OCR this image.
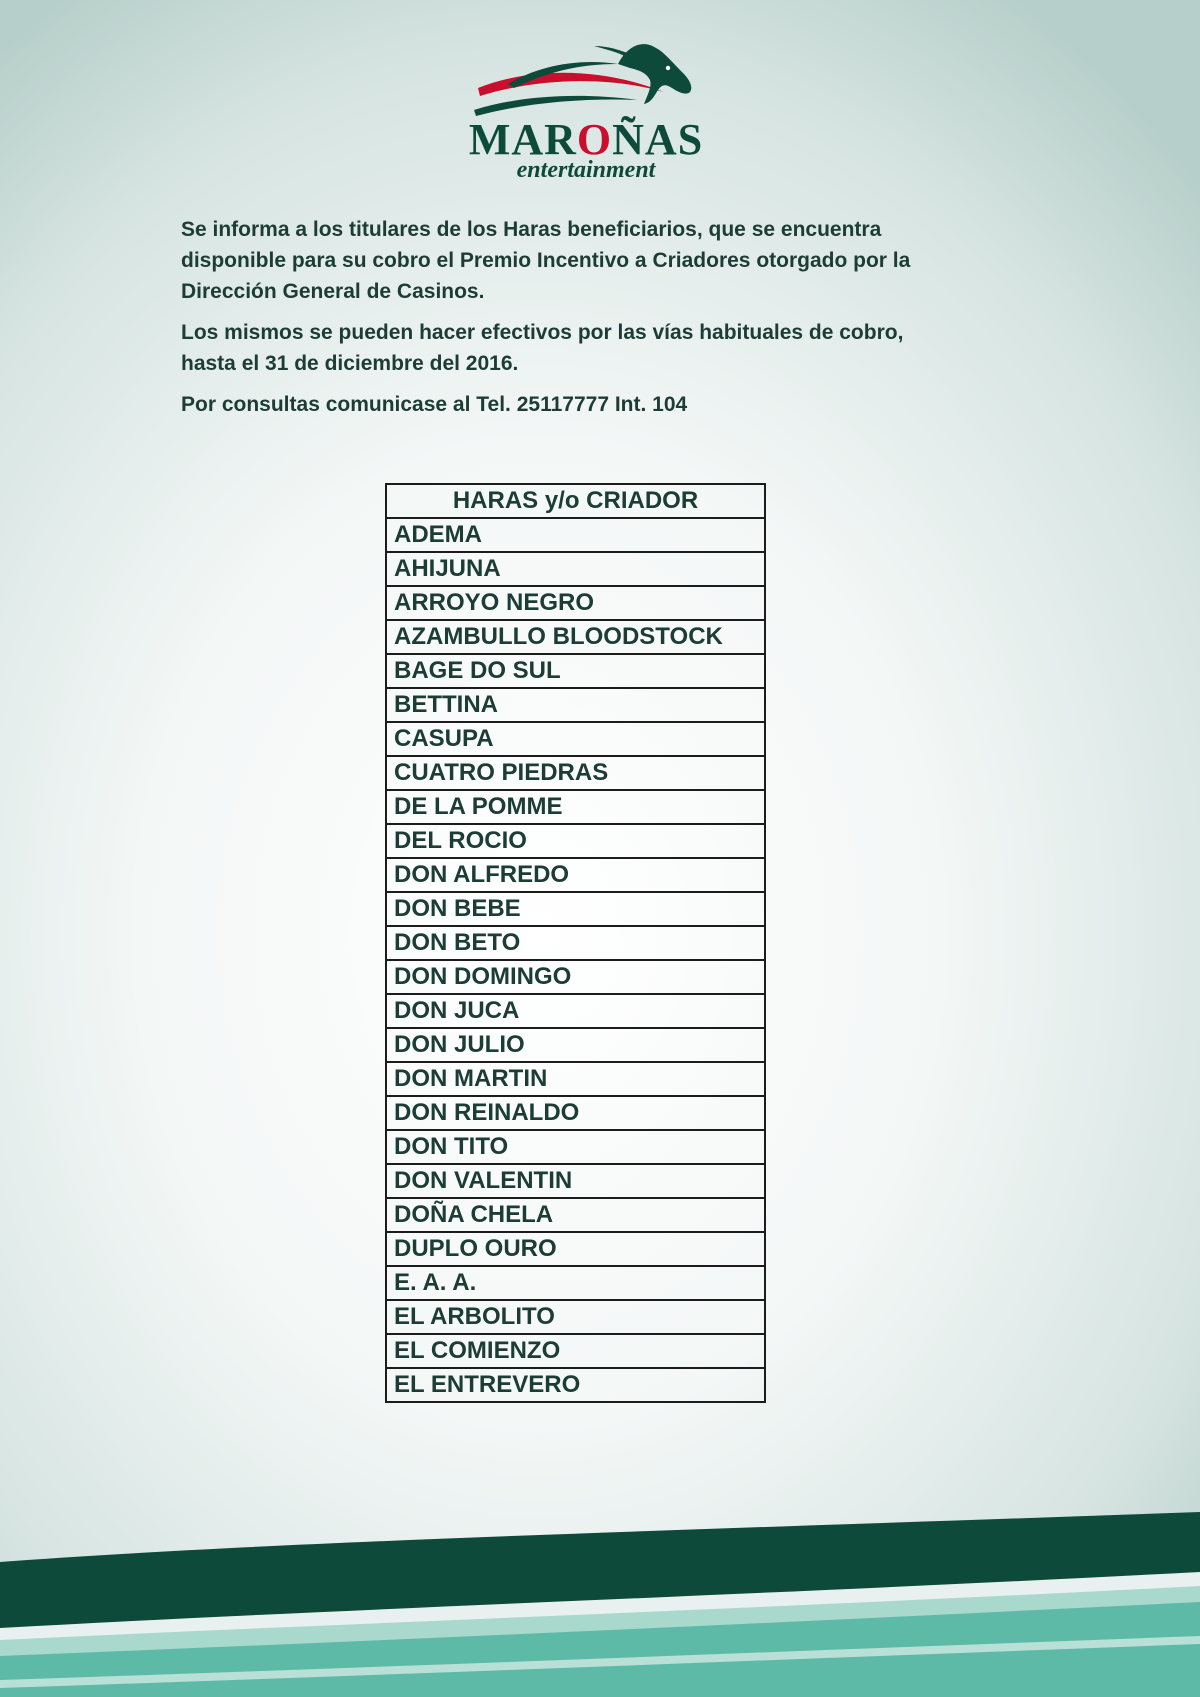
MAROÑAS
entertainment

Se informa a los titulares de los Haras beneficiarios, que se encuentra disponible para su cobro el Premio Incentivo a Criadores otorgado por la Dirección General de Casinos.

Los mismos se pueden hacer efectivos por las vías habituales de cobro, hasta el 31 de diciembre del 2016.

Por consultas comunicase al Tel. 25117777 Int. 104

HARAS y/o CRIADOR
ADEMA
AHIJUNA
ARROYO NEGRO
AZAMBULLO BLOODSTOCK
BAGE DO SUL
BETTINA
CASUPA
CUATRO PIEDRAS
DE LA POMME
DEL ROCIO
DON ALFREDO
DON BEBE
DON BETO
DON DOMINGO
DON JUCA
DON JULIO
DON MARTIN
DON REINALDO
DON TITO
DON VALENTIN
DOÑA CHELA
DUPLO OURO
E. A. A.
EL ARBOLITO
EL COMIENZO
EL ENTREVERO
